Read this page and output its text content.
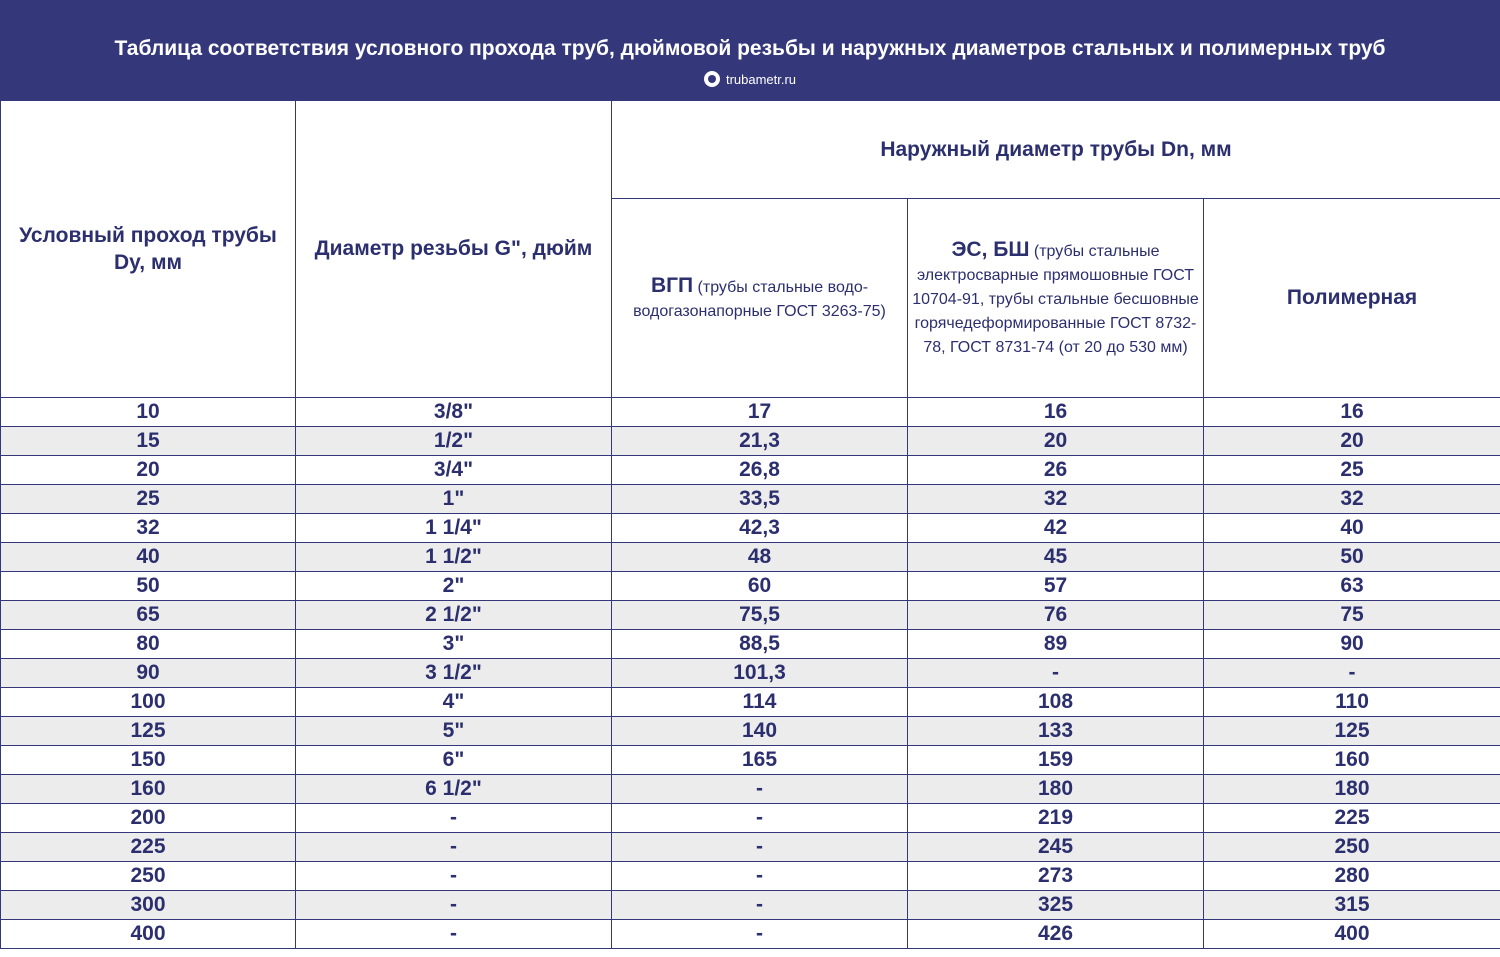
Таблица соответствия условного прохода труб, дюймовой резьбы и наружных диаметров стальных и полимерных труб
trubametr.ru
Условный проход трубы Dy, мм	Диаметр резьбы G", дюйм	Наружный диаметр трубы Dn, мм		
		ВГП (трубы стальные водо-водогазонапорные ГОСТ 3263-75)	ЭС, БШ (трубы стальные электросварные прямошовные ГОСТ 10704-91, трубы стальные бесшовные горячедеформированные ГОСТ 8732-78, ГОСТ 8731-74 (от 20 до 530 мм)	Полимерная
10	3/8"	17	16	16
15	1/2"	21,3	20	20
20	3/4"	26,8	26	25
25	1"	33,5	32	32
32	1 1/4"	42,3	42	40
40	1 1/2"	48	45	50
50	2"	60	57	63
65	2 1/2"	75,5	76	75
80	3"	88,5	89	90
90	3 1/2"	101,3	-	-
100	4"	114	108	110
125	5"	140	133	125
150	6"	165	159	160
160	6 1/2"	-	180	180
200	-	-	219	225
225	-	-	245	250
250	-	-	273	280
300	-	-	325	315
400	-	-	426	400
